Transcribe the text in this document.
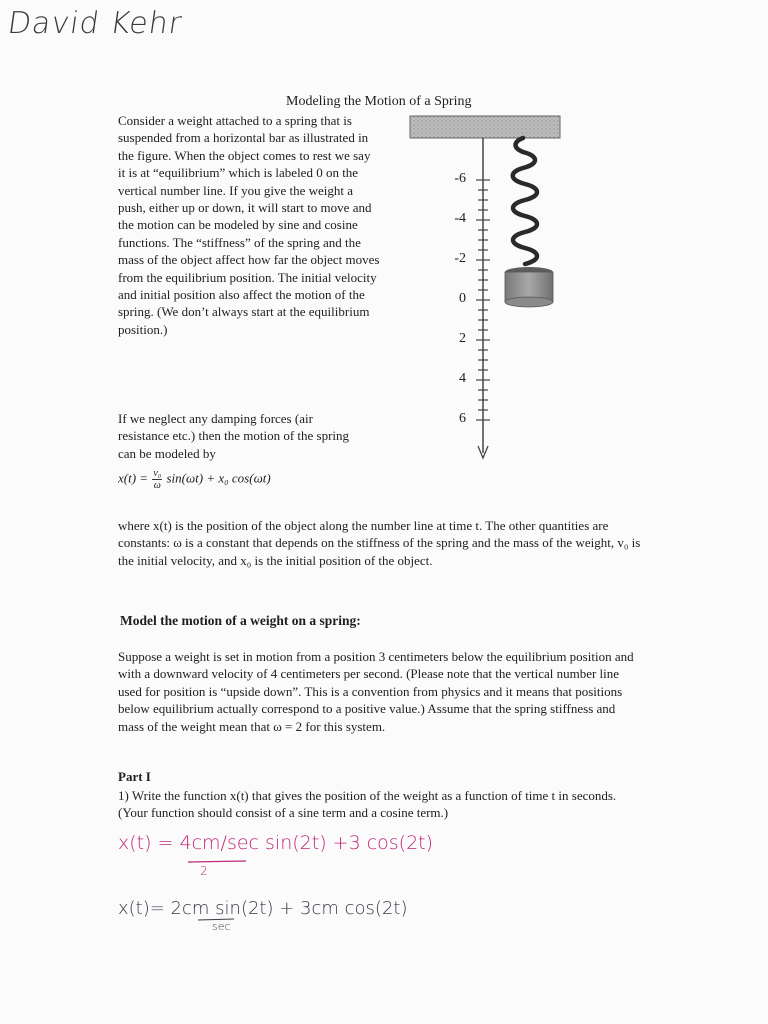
David Kehr
Modeling the Motion of a Spring
Consider a weight attached to a spring that is suspended from a horizontal bar as illustrated in the figure. When the object comes to rest we say it is at “equilibrium” which is labeled 0 on the vertical number line. If you give the weight a push, either up or down, it will start to move and the motion can be modeled by sine and cosine functions. The “stiffness” of the spring and the mass of the object affect how far the object moves from the equilibrium position. The initial velocity and initial position also affect the motion of the spring. (We don’t always start at the equilibrium position.)
-6
-4
-2
0
2
4
6
If we neglect any damping forces (air resistance etc.) then the motion of the spring can be modeled by
$x(t) = \frac{\text{v₀}}{\omega} \sin(\omega t) + x_0$ cos(ωt)
where x(t) is the position of the object along the number line at time t. The other quantities are constants: ω is a constant that depends on the stiffness of the spring and the mass of the weight, v₀ is the initial velocity, and x₀ is the initial position of the object.
Model the motion of a weight on a spring:
Suppose a weight is set in motion from a position 3 centimeters below the equilibrium position and with a downward velocity of 4 centimeters per second. (Please note that the vertical number line used for position is “upside down”. This is a convention from physics and it means that positions below equilibrium actually correspond to a positive value.) Assume that the spring stiffness and mass of the weight mean that ω = 2 for this system.
Part I
1) Write the function x(t) that gives the position of the weight as a function of time t in seconds. (Your function should consist of a sine term and a cosine term.)
x(t) = 4cm/sec sin(2t) +3 cos(2t)
2
x(t)= 2cm sin(2t) + 3cm cos(2t)
sec
